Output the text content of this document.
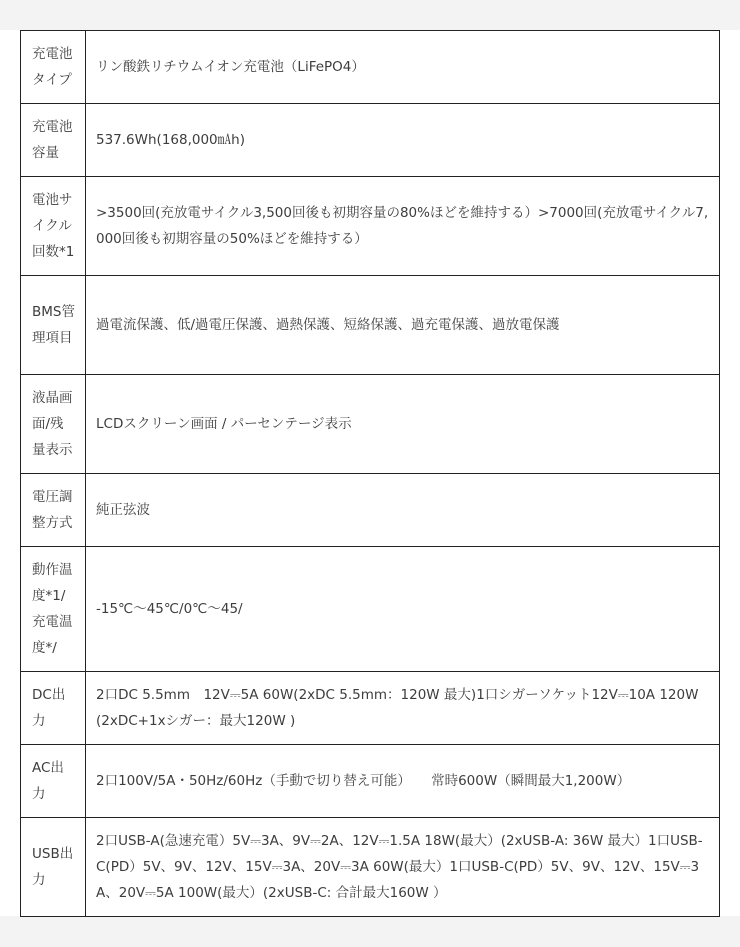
充電池タイプ	リン酸鉄リチウムイオン充電池（LiFePO4）
充電池容量	537.6Wh(168,000㎃h)
電池サイクル回数*1	>3500回(充放電サイクル3,500回後も初期容量の80%ほどを維持する）>7000回(充放電サイクル7,000回後も初期容量の50%ほどを維持する）
BMS管理項目	過電流保護、低/過電圧保護、過熱保護、短絡保護、過充電保護、過放電保護
液晶画面/残量表示	LCDスクリーン画面 / パーセンテージ表示
電圧調整方式	純正弦波
動作温度*1/充電温度*/	-15℃～45℃/0℃～45/
DC出力	2口DC 5.5mm　12V⎓5A 60W(2xDC 5.5mm：120W 最大)1口シガーソケット12V⎓10A 120W(2xDC+1xシガー：最大120W )
AC出力	2口100V/5A・50Hz/60Hz（手動で切り替え可能）　　常時600W（瞬間最大1,200W）
USB出力	2口USB-A(急速充電）5V⎓3A、9V⎓2A、12V⎓1.5A 18W(最大）(2xUSB-A: 36W 最大）1口USB-C(PD）5V、9V、12V、15V⎓3A、20V⎓3A 60W(最大）1口USB-C(PD）5V、9V、12V、15V⎓3A、20V⎓5A 100W(最大）(2xUSB-C: 合計最大160W ）
